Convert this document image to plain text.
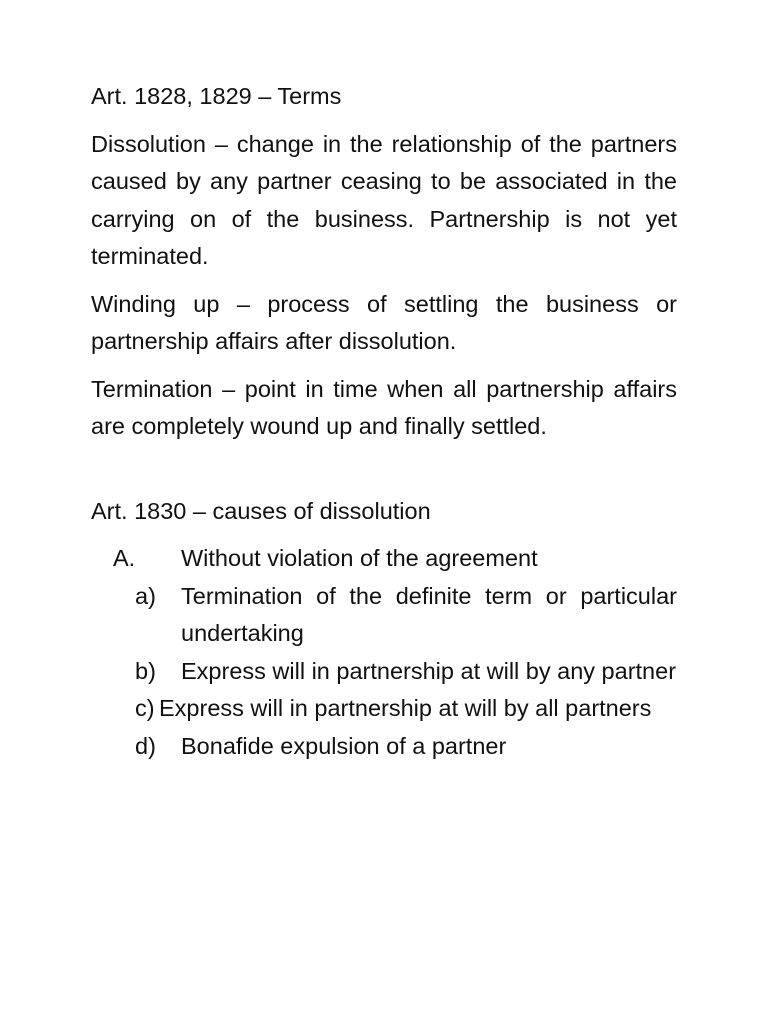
Art. 1828, 1829 – Terms
Dissolution – change in the relationship of the partners caused by any partner ceasing to be associated in the carrying on of the business. Partnership is not yet terminated.
Winding up – process of settling the business or partnership affairs after dissolution.
Termination – point in time when all partnership affairs are completely wound up and finally settled.
Art. 1830 – causes of dissolution
A.	Without violation of the agreement
a) Termination of the definite term or particular undertaking
b) Express will in partnership at will by any partner
c) Express will in partnership at will by all partners
d) Bonafide expulsion of a partner
